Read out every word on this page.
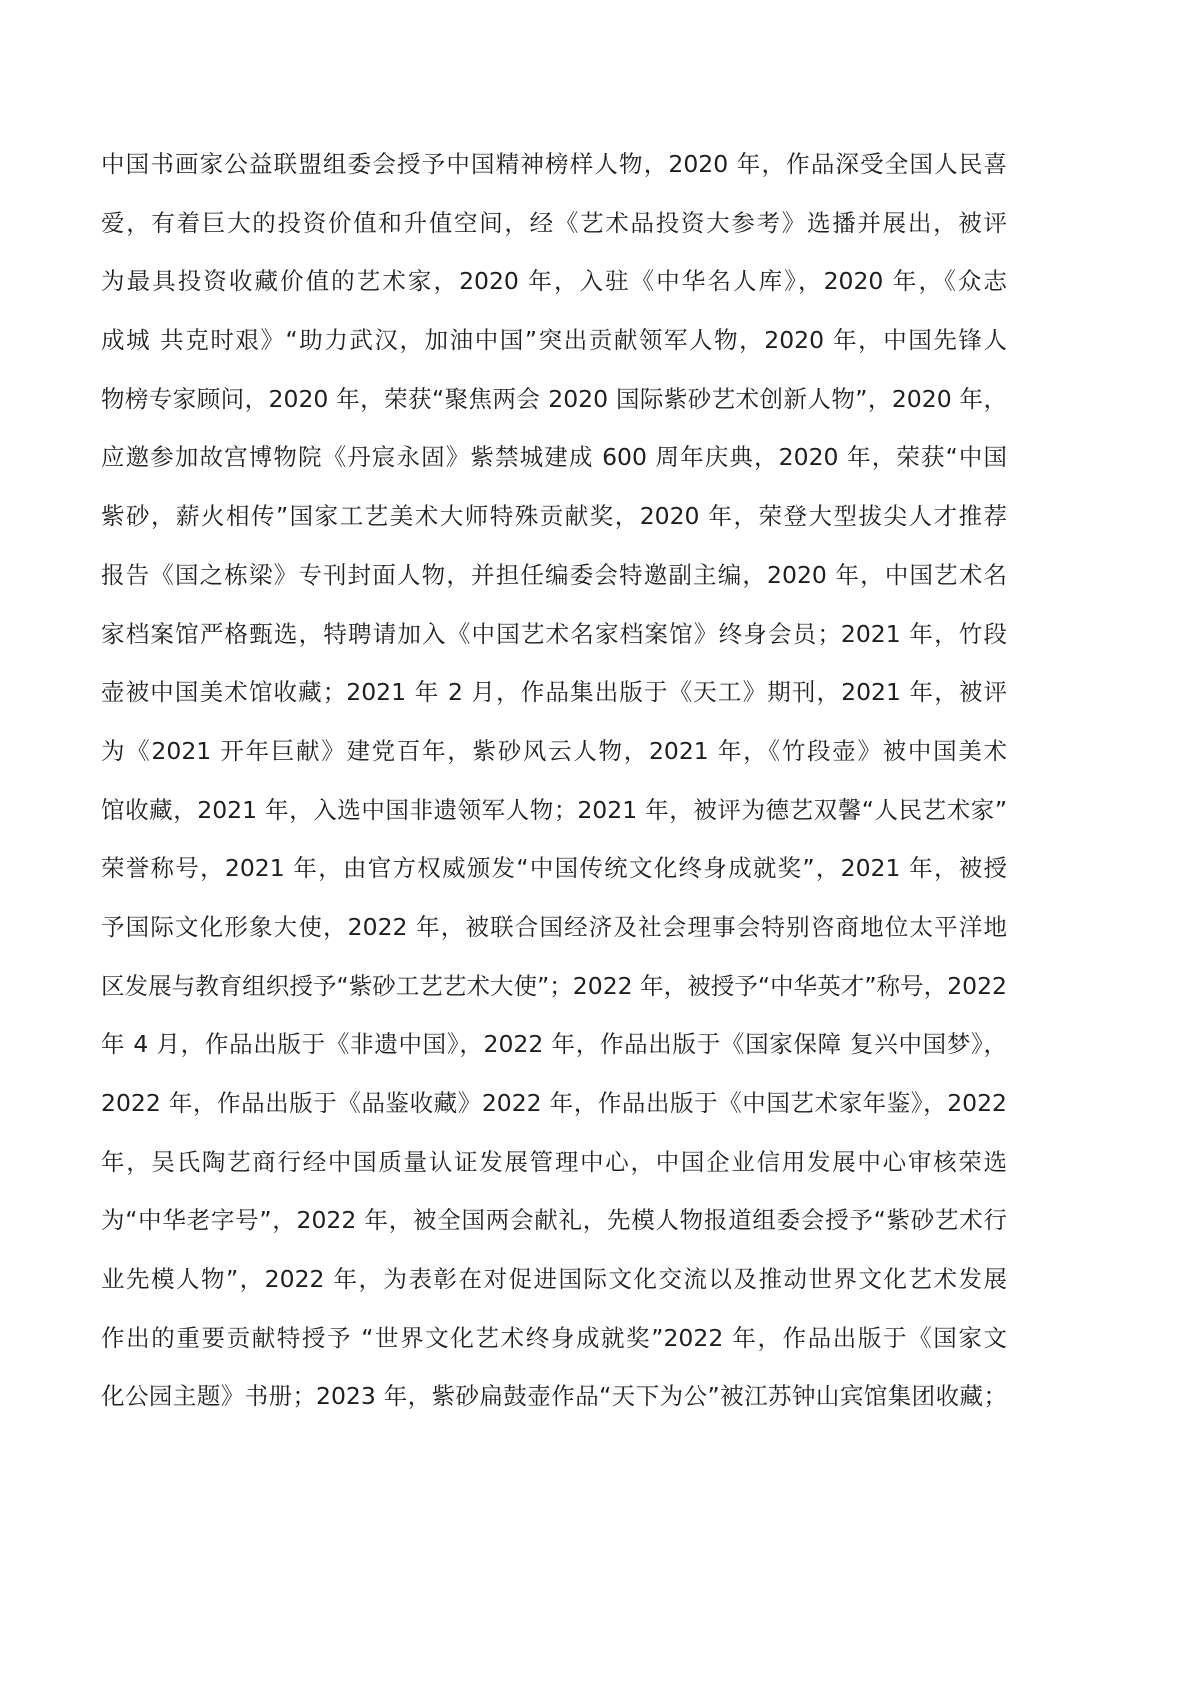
中国书画家公益联盟组委会授予中国精神榜样人物，2020 年，作品深受全国人民喜
爱，有着巨大的投资价值和升值空间，经《艺术品投资大参考》选播并展出，被评
为最具投资收藏价值的艺术家，2020 年，入驻《中华名人库》，2020 年，《众志
成城 共克时艰》“助力武汉，加油中国”突出贡献领军人物，2020 年，中国先锋人
物榜专家顾问，2020 年，荣获“聚焦两会 2020 国际紫砂艺术创新人物”，2020 年，
应邀参加故宫博物院《丹宸永固》紫禁城建成 600 周年庆典，2020 年，荣获“中国
紫砂，薪火相传”国家工艺美术大师特殊贡献奖，2020 年，荣登大型拔尖人才推荐
报告《国之栋梁》专刊封面人物，并担任编委会特邀副主编，2020 年，中国艺术名
家档案馆严格甄选，特聘请加入《中国艺术名家档案馆》终身会员；2021 年，竹段
壶被中国美术馆收藏；2021 年 2 月，作品集出版于《天工》期刊，2021 年，被评
为《2021 开年巨献》建党百年，紫砂风云人物，2021 年，《竹段壶》被中国美术
馆收藏，2021 年，入选中国非遗领军人物；2021 年，被评为德艺双馨“人民艺术家”
荣誉称号，2021 年，由官方权威颁发“中国传统文化终身成就奖”，2021 年，被授
予国际文化形象大使，2022 年，被联合国经济及社会理事会特别咨商地位太平洋地
区发展与教育组织授予“紫砂工艺艺术大使”；2022 年，被授予“中华英才”称号，2022
年 4 月，作品出版于《非遗中国》，2022 年，作品出版于《国家保障 复兴中国梦》，
2022 年，作品出版于《品鉴收藏》2022 年，作品出版于《中国艺术家年鉴》，2022
年，吴氏陶艺商行经中国质量认证发展管理中心，中国企业信用发展中心审核荣选
为“中华老字号”，2022 年，被全国两会献礼，先模人物报道组委会授予“紫砂艺术行
业先模人物”，2022 年，为表彰在对促进国际文化交流以及推动世界文化艺术发展
作出的重要贡献特授予 “世界文化艺术终身成就奖”2022 年，作品出版于《国家文
化公园主题》书册；2023 年，紫砂扁鼓壶作品“天下为公”被江苏钟山宾馆集团收藏；
